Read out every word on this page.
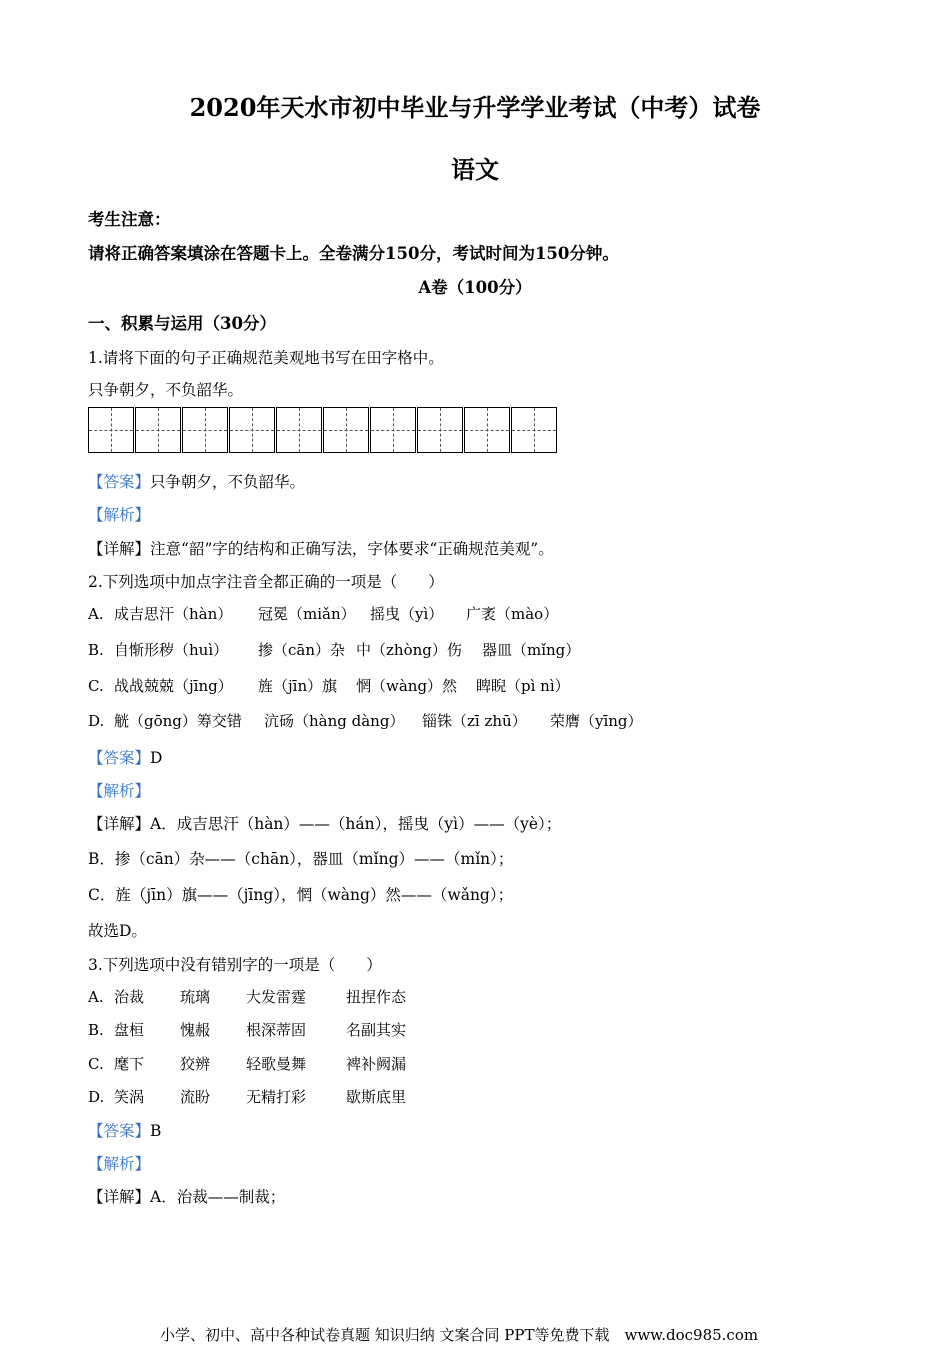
2020年天水市初中毕业与升学学业考试（中考）试卷
语文
考生注意：
请将正确答案填涂在答题卡上。全卷满分150分，考试时间为150分钟。
A卷（100分）
一、积累与运用（30分）
1.请将下面的句子正确规范美观地书写在田字格中。
只争朝夕，不负韶华。
【答案】只争朝夕，不负韶华。
【解析】
【详解】注意“韶”字的结构和正确写法，字体要求“正确规范美观”。
2.下列选项中加点字注音全都正确的一项是（　　）
A. 成吉思汗（hàn） 冠冕（miǎn） 摇曳（yì） 广袤（mào）
B. 自惭形秽（huì） 掺（cān）杂 中（zhòng）伤 器皿（mǐng）
C. 战战兢兢（jīng） 旌（jīn）旗 惘（wàng）然 睥睨（pì nì）
D. 觥（gōng）筹交错 沆砀（hàng dàng） 锱铢（zī zhū） 荣膺（yīng）
【答案】D
【解析】
【详解】A．成吉思汗（hàn）——（hán），摇曳（yì）——（yè）；
B．掺（cān）杂——（chān），器皿（mǐng）——（mǐn）；
C．旌（jīn）旗——（jīng），惘（wàng）然——（wǎng）；
故选D。
3.下列选项中没有错别字的一项是（　　）
A. 治裁 琉璃 大发雷霆	扭捏作态
B. 盘桓 愧赧 根深蒂固	名副其实
C. 麾下 狡辨 轻歌曼舞	裨补阙漏
D. 笑涡 流盼 无精打彩	歇斯底里
【答案】B
【解析】
【详解】A．治裁——制裁；
小学、初中、高中各种试卷真题 知识归纳 文案合同 PPT等免费下载　www.doc985.com
